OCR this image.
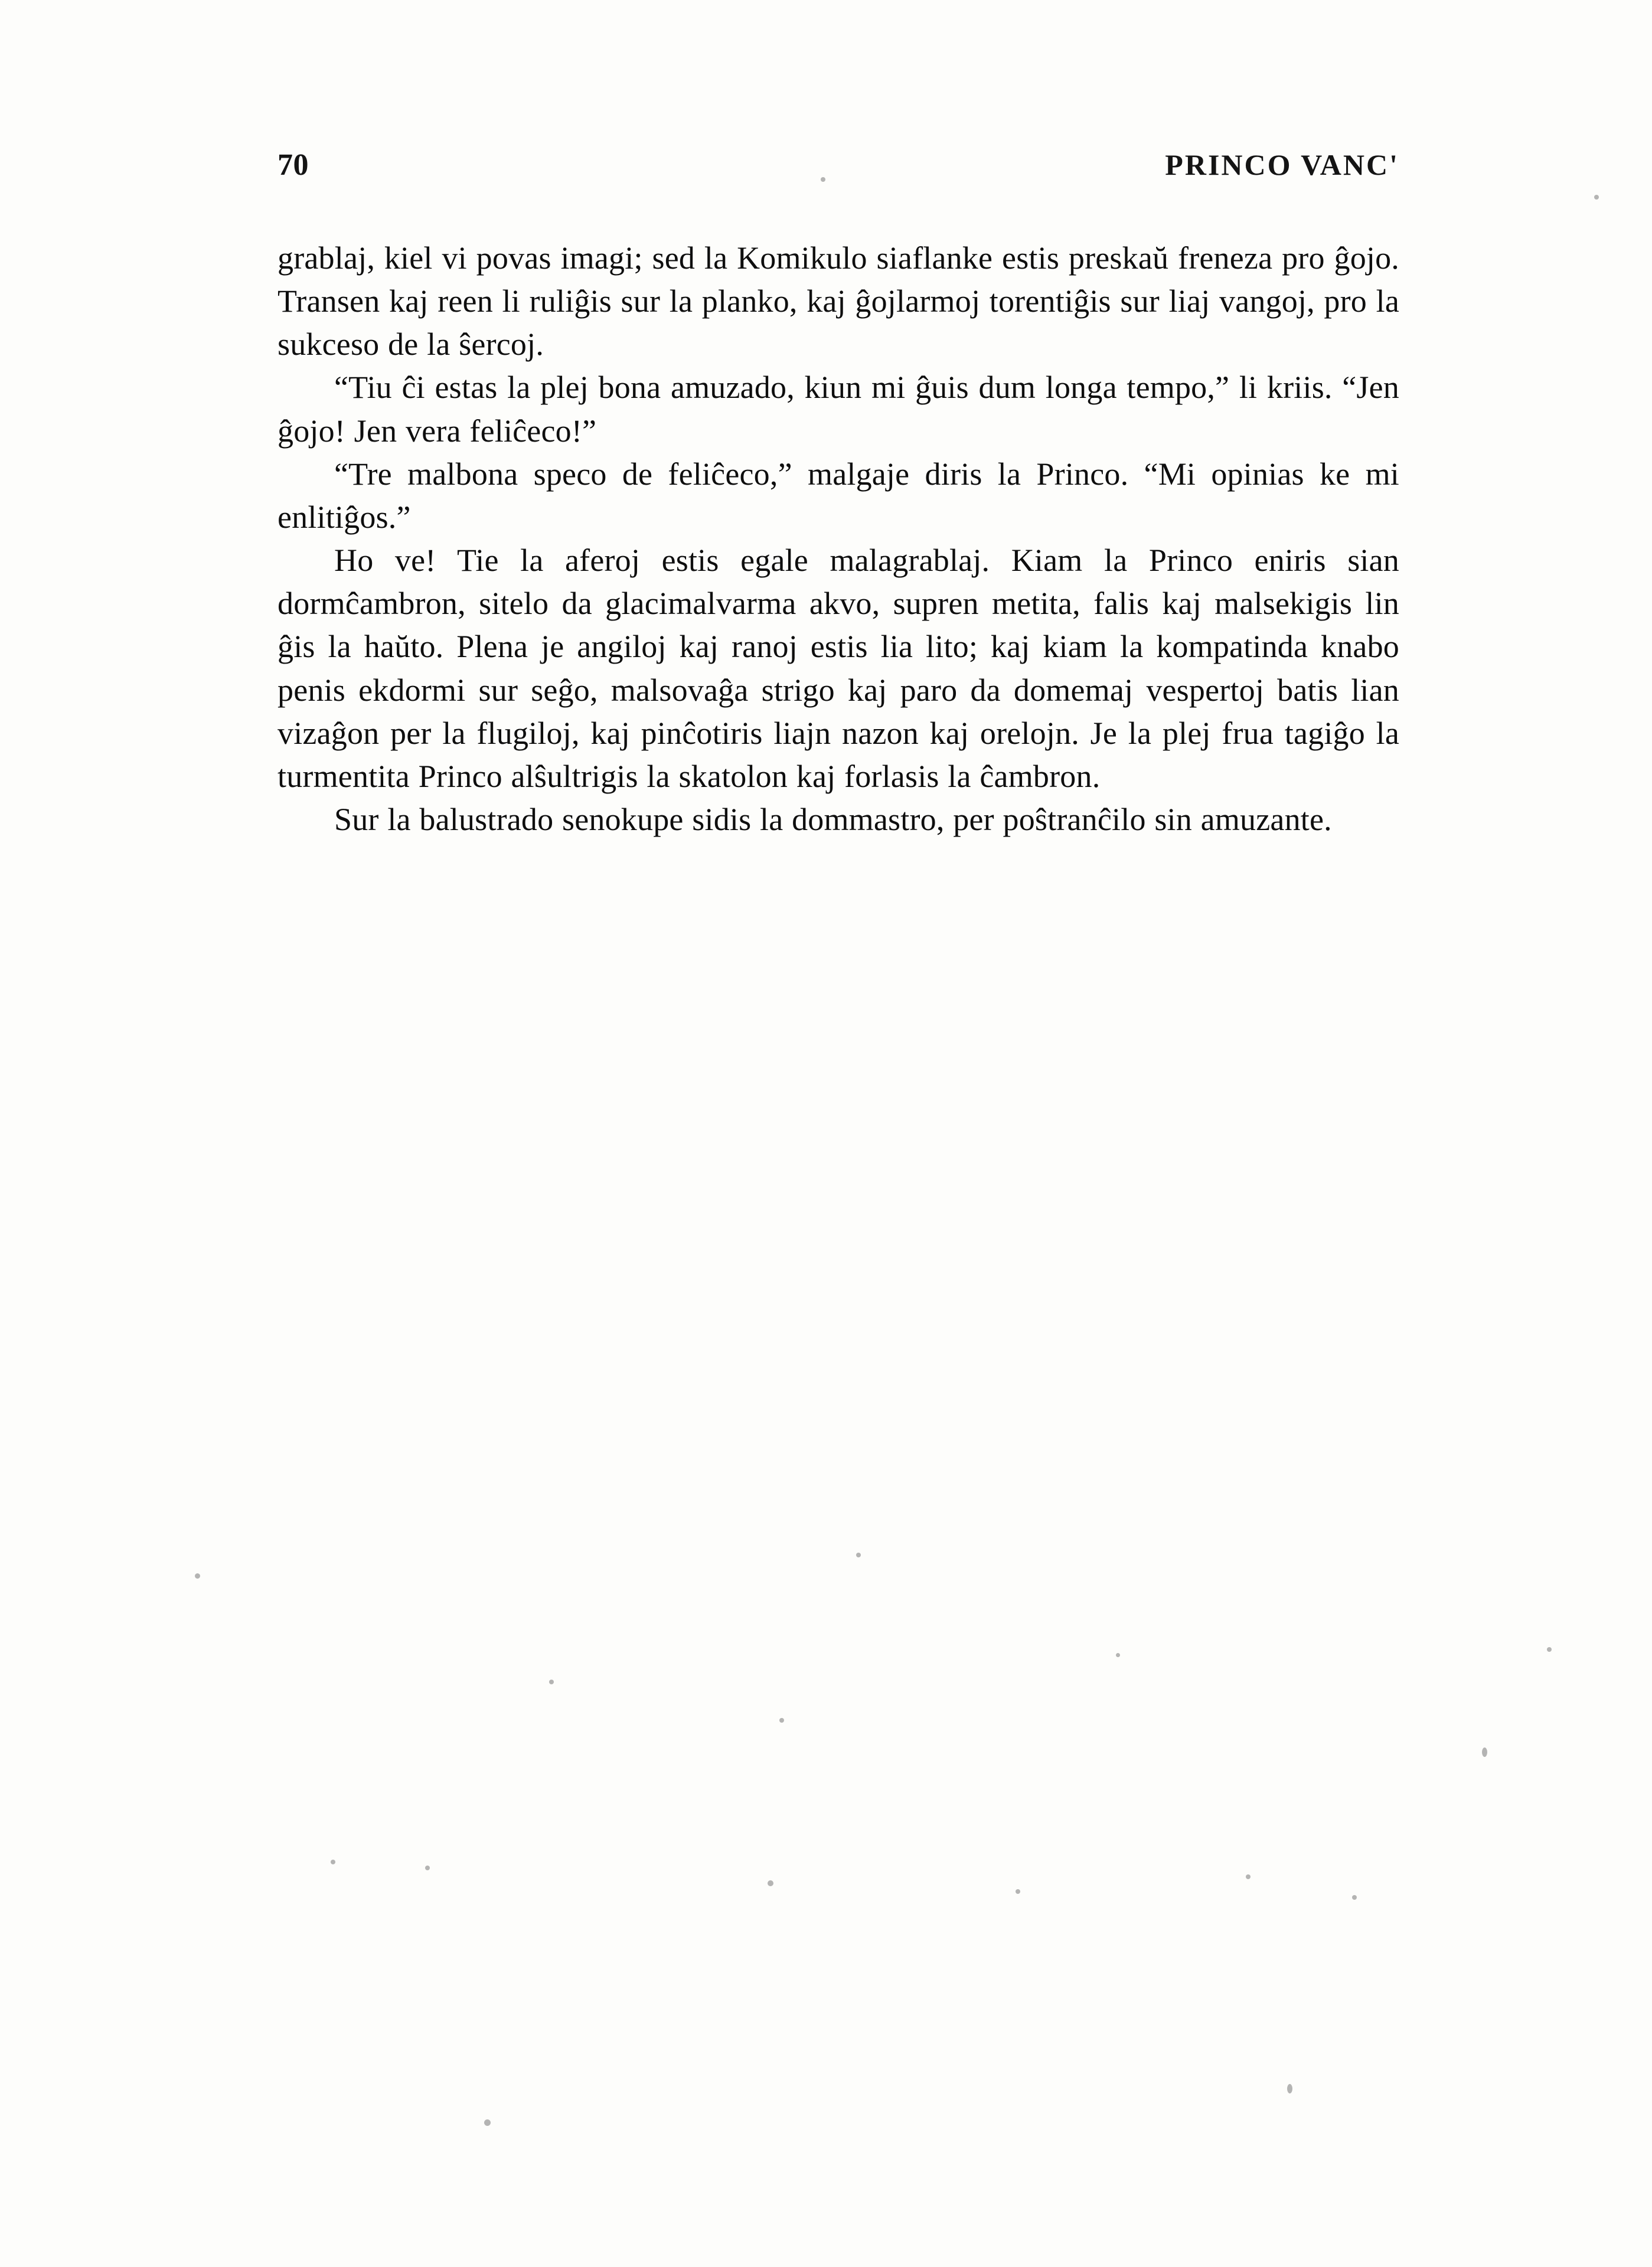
70	PRINCO VANC'

grablaj, kiel vi povas imagi; sed la Komikulo siaflanke estis preskaŭ freneza pro ĝojo. Transen kaj reen li ruliĝis sur la planko, kaj ĝojlarmoj torentiĝis sur liaj vangoj, pro la sukceso de la ŝercoj.

“Tiu ĉi estas la plej bona amuzado, kiun mi ĝuis dum longa tempo,” li kriis. “Jen ĝojo! Jen vera feliĉeco!”

“Tre malbona speco de feliĉeco,” malgaje diris la Princo. “Mi opinias ke mi enlitiĝos.”

Ho ve! Tie la aferoj estis egale malagrablaj. Kiam la Princo eniris sian dormĉambron, sitelo da glacimalvarma akvo, supren metita, falis kaj malsekigis lin ĝis la haŭto. Plena je angiloj kaj ranoj estis lia lito; kaj kiam la kompatinda knabo penis ekdormi sur seĝo, malsovaĝa strigo kaj paro da domemaj vespertoj batis lian vizaĝon per la flugiloj, kaj pinĉotiris liajn nazon kaj orelojn. Je la plej frua tagiĝo la turmentita Princo alŝultrigis la skatolon kaj forlasis la ĉambron.

Sur la balustrado senokupe sidis la dommastro, per poŝtranĉilo sin amuzante.
